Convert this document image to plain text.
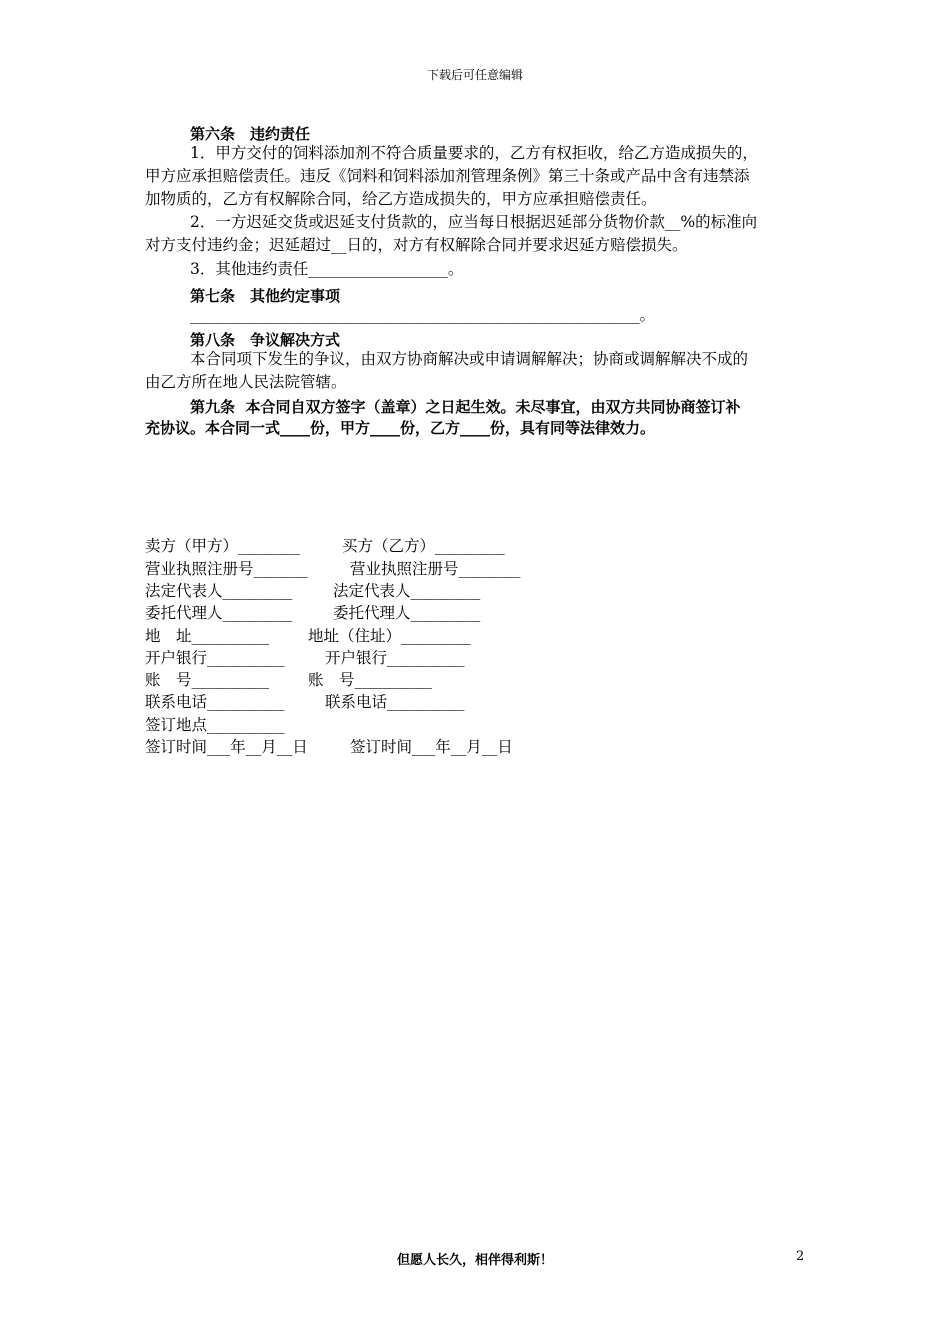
下载后可任意编辑
第六条　违约责任
1．甲方交付的饲料添加剂不符合质量要求的，乙方有权拒收，给乙方造成损失的，
甲方应承担赔偿责任。违反《饲料和饲料添加剂管理条例》第三十条或产品中含有违禁添
加物质的，乙方有权解除合同，给乙方造成损失的，甲方应承担赔偿责任。
2．一方迟延交货或迟延支付货款的，应当每日根据迟延部分货物价款__%的标准向
对方支付违约金；迟延超过__日的，对方有权解除合同并要求迟延方赔偿损失。
3．其他违约责任__________________。
第七条　其他约定事项
__________________________________________________________。
第八条　争议解决方式
本合同项下发生的争议，由双方协商解决或申请调解解决；协商或调解解决不成的
由乙方所在地人民法院管辖。
第九条  本合同自双方签字（盖章）之日起生效。未尽事宜，由双方共同协商签订补
充协议。本合同一式____份，甲方____份，乙方____份，具有同等法律效力。
卖方（甲方）________	买方（乙方）_________
营业执照注册号_______	营业执照注册号________
法定代表人_________	法定代表人_________
委托代理人_________	委托代理人_________
地　址__________	地址（住址）_________
开户银行__________	开户银行__________
账　号__________	账　号__________
联系电话__________	联系电话__________
签订地点__________
签订时间___年__月__日	签订时间___年__月__日
但愿人长久，相伴得利斯！	2
